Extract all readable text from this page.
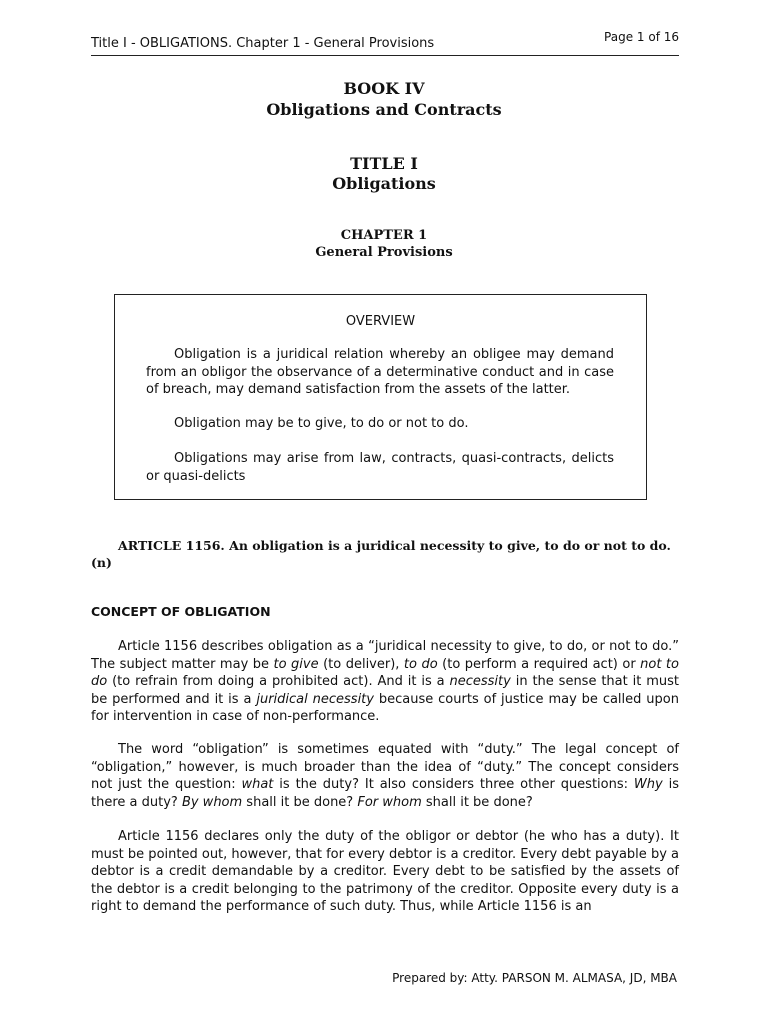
Title I - OBLIGATIONS. Chapter 1 - General Provisions	Page 1 of 16
BOOK IV
Obligations and Contracts
TITLE I
Obligations
CHAPTER 1
General Provisions
OVERVIEW
Obligation is a juridical relation whereby an obligee may demand from an obligor the observance of a determinative conduct and in case of breach, may demand satisfaction from the assets of the latter.
Obligation may be to give, to do or not to do.
Obligations may arise from law, contracts, quasi-contracts, delicts or quasi-delicts
ARTICLE 1156. An obligation is a juridical necessity to give, to do or not to do. (n)
CONCEPT OF OBLIGATION
Article 1156 describes obligation as a “juridical necessity to give, to do, or not to do.” The subject matter may be to give (to deliver), to do (to perform a required act) or not to do (to refrain from doing a prohibited act). And it is a necessity in the sense that it must be performed and it is a juridical necessity because courts of justice may be called upon for intervention in case of non-performance.
The word “obligation” is sometimes equated with “duty.” The legal concept of “obligation,” however, is much broader than the idea of “duty.” The concept considers not just the question: what is the duty? It also considers three other questions: Why is there a duty? By whom shall it be done? For whom shall it be done?
Article 1156 declares only the duty of the obligor or debtor (he who has a duty). It must be pointed out, however, that for every debtor is a creditor. Every debt payable by a debtor is a credit demandable by a creditor. Every debt to be satisfied by the assets of the debtor is a credit belonging to the patrimony of the creditor. Opposite every duty is a right to demand the performance of such duty. Thus, while Article 1156 is an
Prepared by: Atty. PARSON M. ALMASA, JD, MBA
